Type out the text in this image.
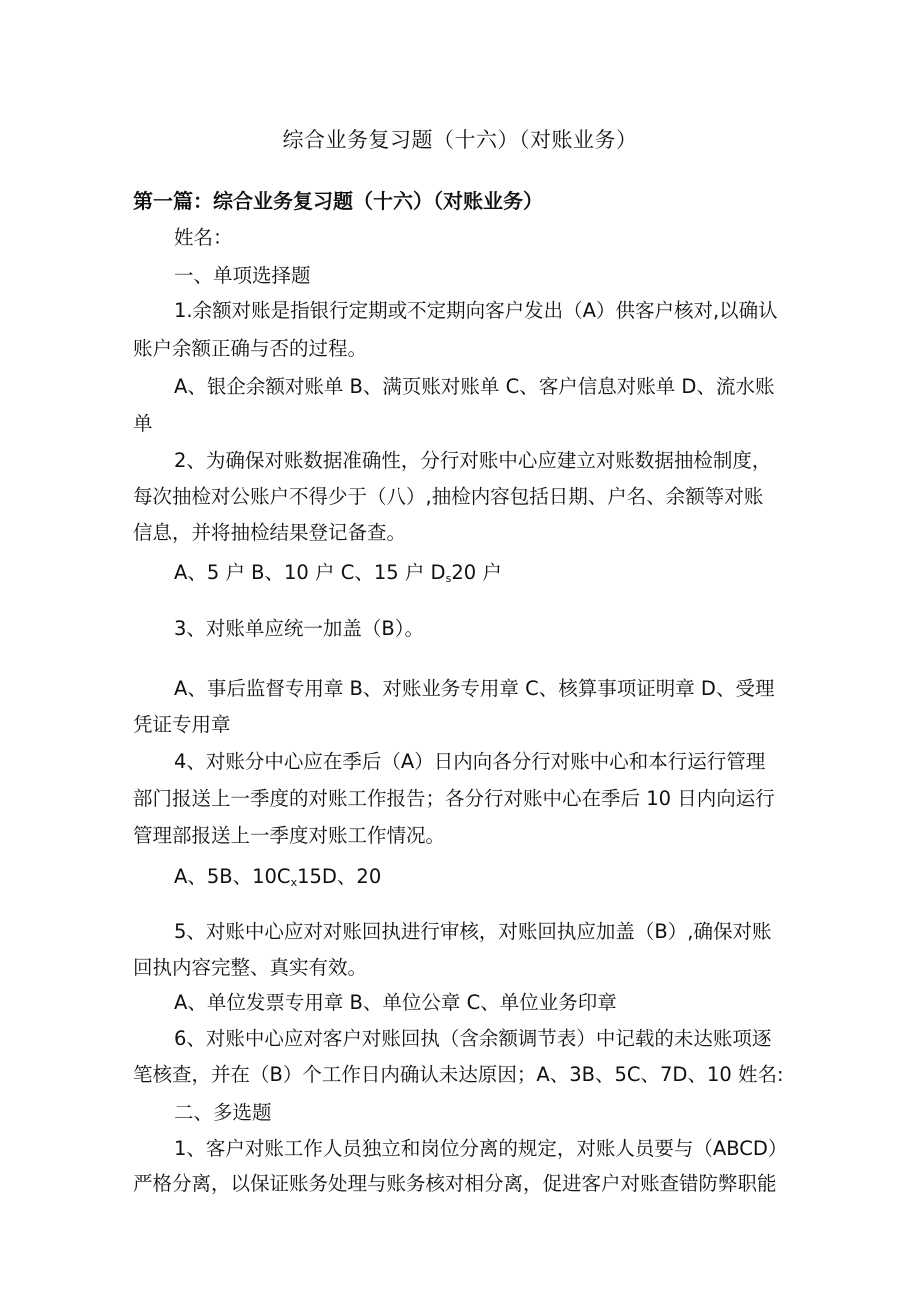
综合业务复习题（十六）（对账业务）
第一篇：综合业务复习题（十六）（对账业务）
姓名：
一、单项选择题
1.余额对账是指银行定期或不定期向客户发出（A）供客户核对,以确认
账户余额正确与否的过程。
A、银企余额对账单 B、满页账对账单 C、客户信息对账单 D、流水账
单
2、为确保对账数据准确性，分行对账中心应建立对账数据抽检制度，
每次抽检对公账户不得少于（八）,抽检内容包括日期、户名、余额等对账
信息，并将抽检结果登记备查。
A、5 户 B、10 户 C、15 户 $D_s20$ 户
3、对账单应统一加盖（B）。
A、事后监督专用章 B、对账业务专用章 C、核算事项证明章 D、受理
凭证专用章
4、对账分中心应在季后（A）日内向各分行对账中心和本行运行管理
部门报送上一季度的对账工作报告；各分行对账中心在季后 10 日内向运行
管理部报送上一季度对账工作情况。
A、5B、$10C_x15D$、20
5、对账中心应对对账回执进行审核，对账回执应加盖（B）,确保对账
回执内容完整、真实有效。
A、单位发票专用章 B、单位公章 C、单位业务印章
6、对账中心应对客户对账回执（含余额调节表）中记载的未达账项逐
笔核查，并在（B）个工作日内确认未达原因；A、3B、5C、7D、10 姓名:
二、多选题
1、客户对账工作人员独立和岗位分离的规定，对账人员要与（ABCD）
严格分离，以保证账务处理与账务核对相分离，促进客户对账查错防弊职能
